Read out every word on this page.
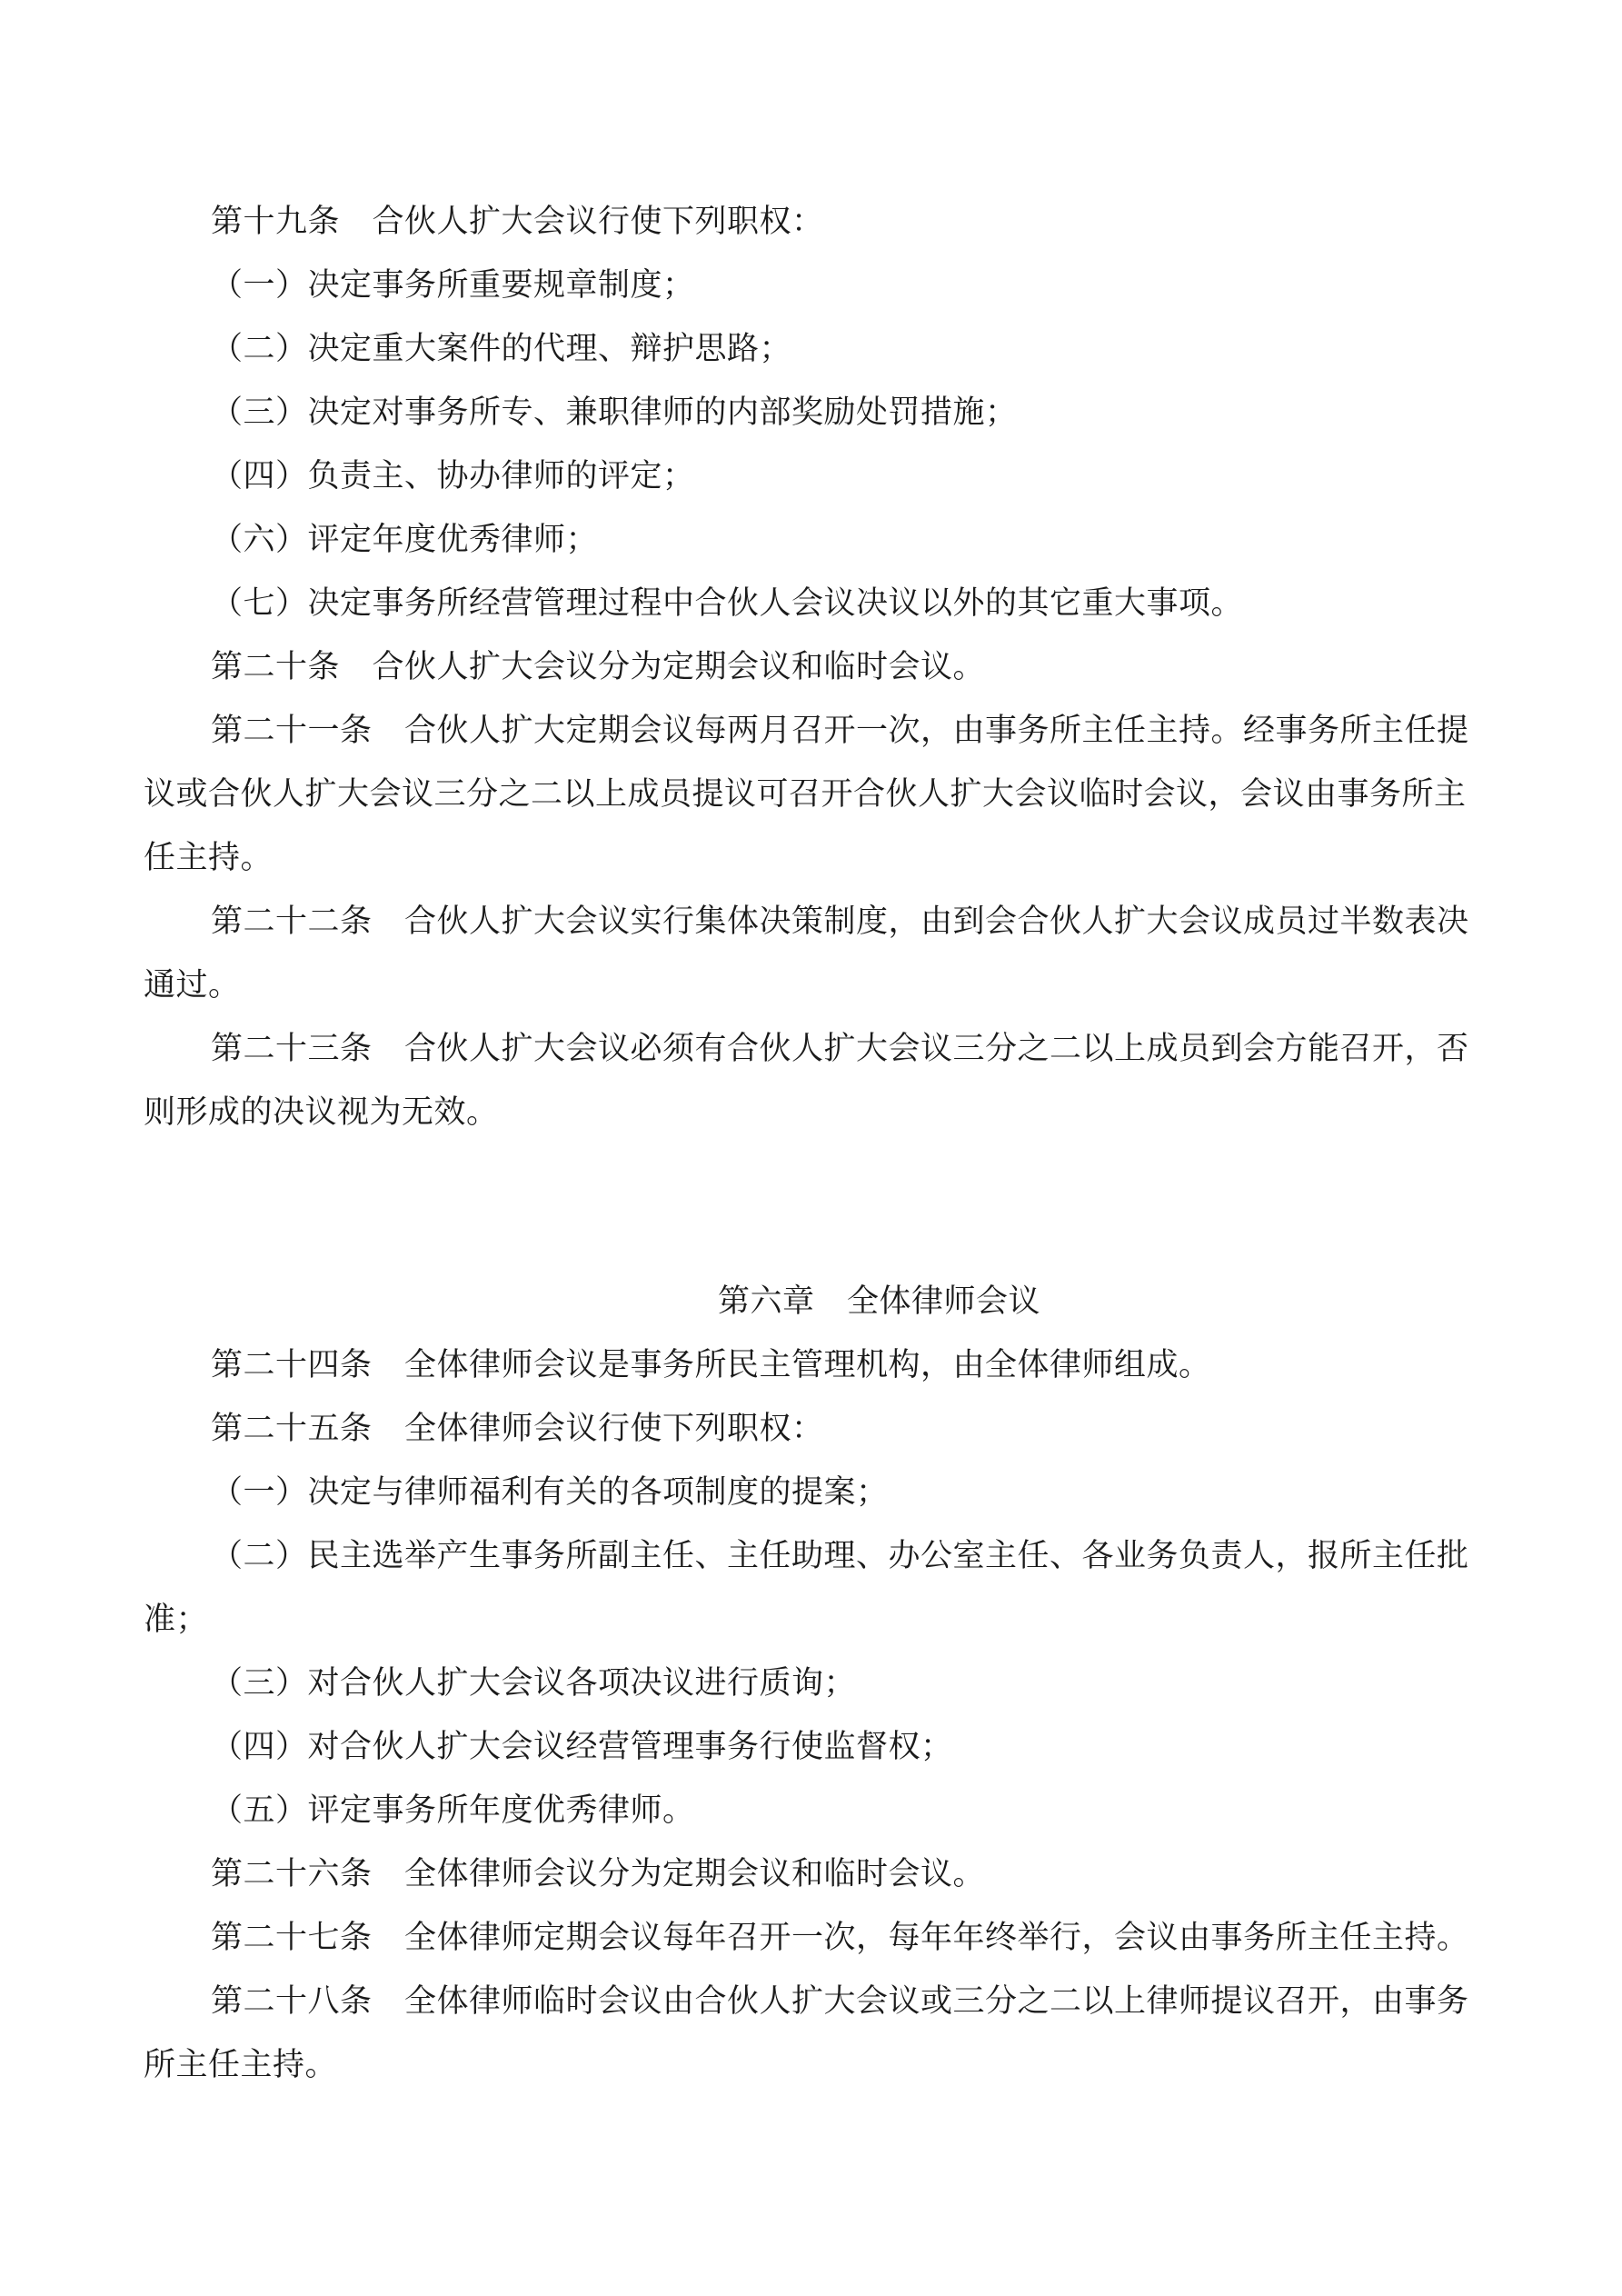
第十九条　合伙人扩大会议行使下列职权：
（一）决定事务所重要规章制度；
（二）决定重大案件的代理、辩护思路；
（三）决定对事务所专、兼职律师的内部奖励处罚措施；
（四）负责主、协办律师的评定；
（六）评定年度优秀律师；
（七）决定事务所经营管理过程中合伙人会议决议以外的其它重大事项。
第二十条　合伙人扩大会议分为定期会议和临时会议。
第二十一条　合伙人扩大定期会议每两月召开一次，由事务所主任主持。经事务所主任提
议或合伙人扩大会议三分之二以上成员提议可召开合伙人扩大会议临时会议，会议由事务所主
任主持。
第二十二条　合伙人扩大会议实行集体决策制度，由到会合伙人扩大会议成员过半数表决
通过。
第二十三条　合伙人扩大会议必须有合伙人扩大会议三分之二以上成员到会方能召开，否
则形成的决议视为无效。
第六章　全体律师会议
第二十四条　全体律师会议是事务所民主管理机构，由全体律师组成。
第二十五条　全体律师会议行使下列职权：
（一）决定与律师福利有关的各项制度的提案；
（二）民主选举产生事务所副主任、主任助理、办公室主任、各业务负责人，报所主任批
准；
（三）对合伙人扩大会议各项决议进行质询；
（四）对合伙人扩大会议经营管理事务行使监督权；
（五）评定事务所年度优秀律师。
第二十六条　全体律师会议分为定期会议和临时会议。
第二十七条　全体律师定期会议每年召开一次，每年年终举行，会议由事务所主任主持。
第二十八条　全体律师临时会议由合伙人扩大会议或三分之二以上律师提议召开，由事务
所主任主持。
